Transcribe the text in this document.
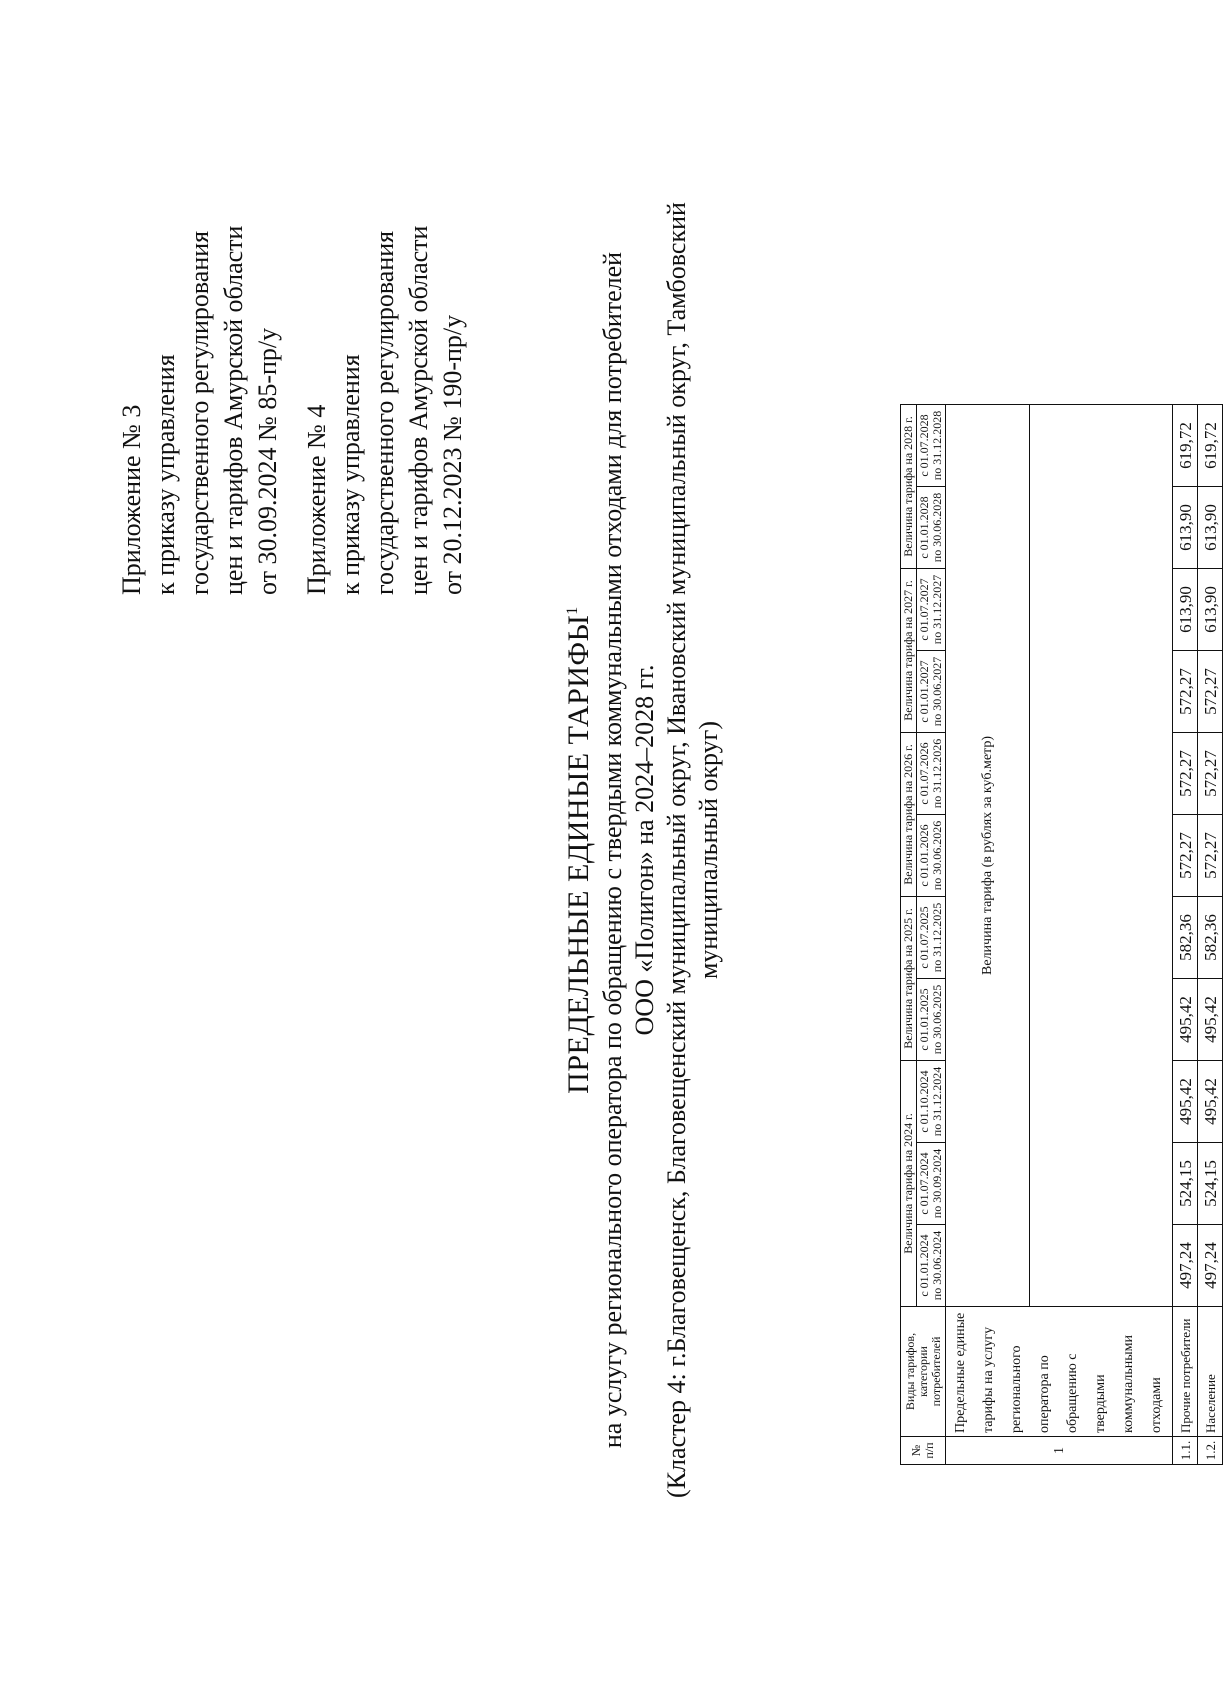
Приложение № 3 к приказу управления государственного регулирования цен и тарифов Амурской области от 30.09.2024 № 85-пр/у Приложение № 4 к приказу управления государственного регулирования цен и тарифов Амурской области от 20.12.2023 № 190-пр/у
ПРЕДЕЛЬНЫЕ ЕДИНЫЕ ТАРИФЫ$^1$ на услугу регионального оператора по обращению с твердыми коммунальными отходами для потребителей ООО «Полигон» на 2024–2028 гг. (Кластер 4: г.Благовещенск, Благовещенский муниципальный округ, Ивановский муниципальный округ, Тамбовский муниципальный округ)
№ п/п	Виды тарифов, категории потребителей	Величина тарифа на 2024 г.			Величина тарифа на 2025 г.		Величина тарифа на 2026 г.		Величина тарифа на 2027 г.		Величина тарифа на 2028 г.	
		с 01.01.2024 по 30.06.2024	с 01.07.2024 по 30.09.2024	с 01.10.2024 по 31.12.2024	с 01.01.2025 по 30.06.2025	с 01.07.2025 по 31.12.2025	с 01.01.2026 по 30.06.2026	с 01.07.2026 по 31.12.2026	с 01.01.2027 по 30.06.2027	с 01.07.2027 по 31.12.2027	с 01.01.2028 по 30.06.2028	с 01.07.2028 по 31.12.2028
1	Предельные единые тарифы на услугу регионального оператора по обращению с твердыми коммунальными отходами	Величина тарифа (в рублях за куб.метр)										

1.1.	Прочие потребители	497,24	524,15	495,42	495,42	582,36	572,27	572,27	572,27	613,90	613,90	619,72
1.2.	Население	497,24	524,15	495,42	495,42	582,36	572,27	572,27	572,27	613,90	613,90	619,72
